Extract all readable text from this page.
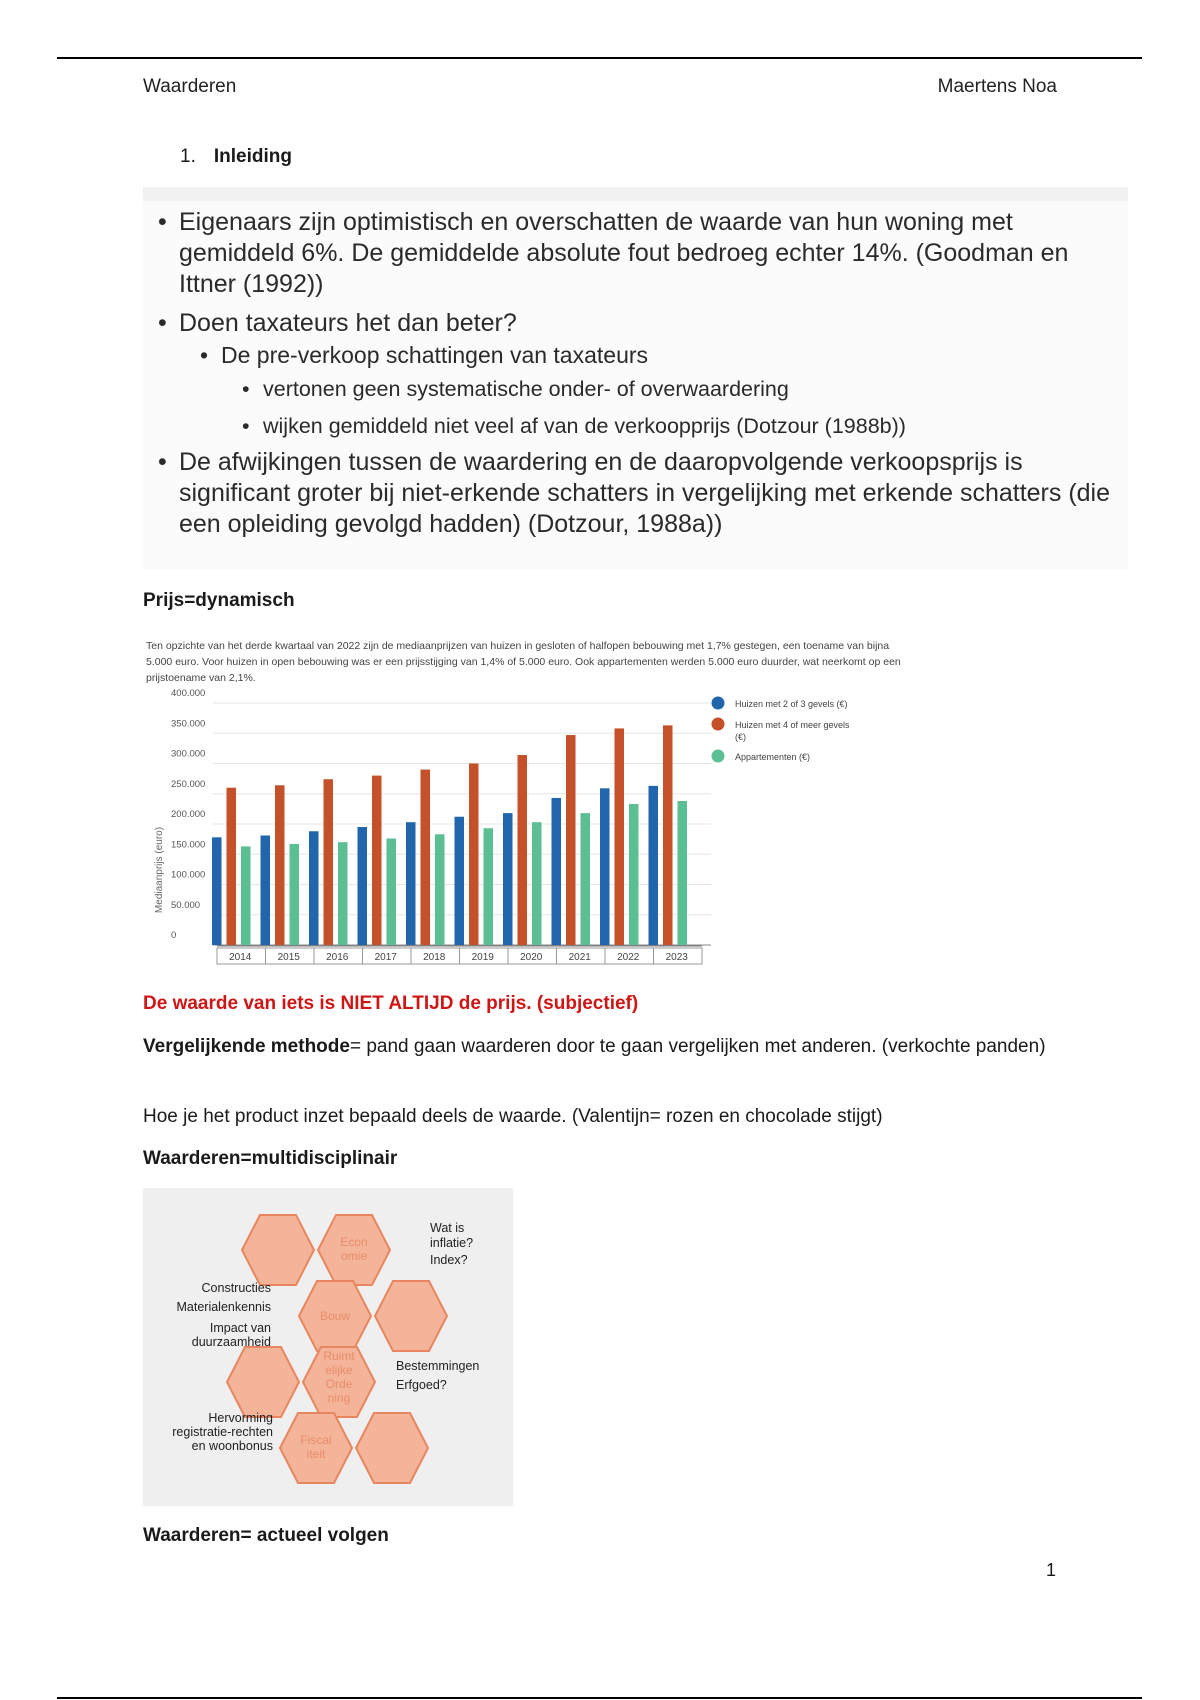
Waarderen	Maertens Noa
1. Inleiding
• Eigenaars zijn optimistisch en overschatten de waarde van hun woning met gemiddeld 6%. De gemiddelde absolute fout bedroeg echter 14%. (Goodman en Ittner (1992))
• Doen taxateurs het dan beter?
• De pre-verkoop schattingen van taxateurs
• vertonen geen systematische onder- of overwaardering
• wijken gemiddeld niet veel af van de verkoopprijs (Dotzour (1988b))
• De afwijkingen tussen de waardering en de daaropvolgende verkoopsprijs is significant groter bij niet-erkende schatters in vergelijking met erkende schatters (die een opleiding gevolgd hadden) (Dotzour, 1988a))
Prijs=dynamisch
Ten opzichte van het derde kwartaal van 2022 zijn de mediaanprijzen van huizen in gesloten of halfopen bebouwing met 1,7% gestegen, een toename van bijna 5.000 euro. Voor huizen in open bebouwing was er een prijsstijging van 1,4% of 5.000 euro. Ook appartementen werden 5.000 euro duurder, wat neerkomt op een prijstoename van 2,1%.
400.000
350.000
300.000
250.000
200.000
150.000
100.000
50.000
0
Mediaanprijs (euro)
2014	2015	2016	2017	2018	2019	2020	2021	2022	2023
Huizen met 2 of 3 gevels (€)
Huizen met 4 of meer gevels (€)
Appartementen (€)
De waarde van iets is NIET ALTIJD de prijs. (subjectief)
Vergelijkende methode= pand gaan waarderen door te gaan vergelijken met anderen. (verkochte panden)
Hoe je het product inzet bepaald deels de waarde. (Valentijn= rozen en chocolade stijgt)
Waarderen=multidisciplinair
Econ omie
Bouw
Ruimt elijke Orde ning
Fiscal iteit
Wat is inflatie? Index?
Constructies Materialenkennis
Impact van duurzaamheid
Bestemmingen Erfgoed?
Hervorming registratie-rechten en woonbonus
Waarderen= actueel volgen
1
